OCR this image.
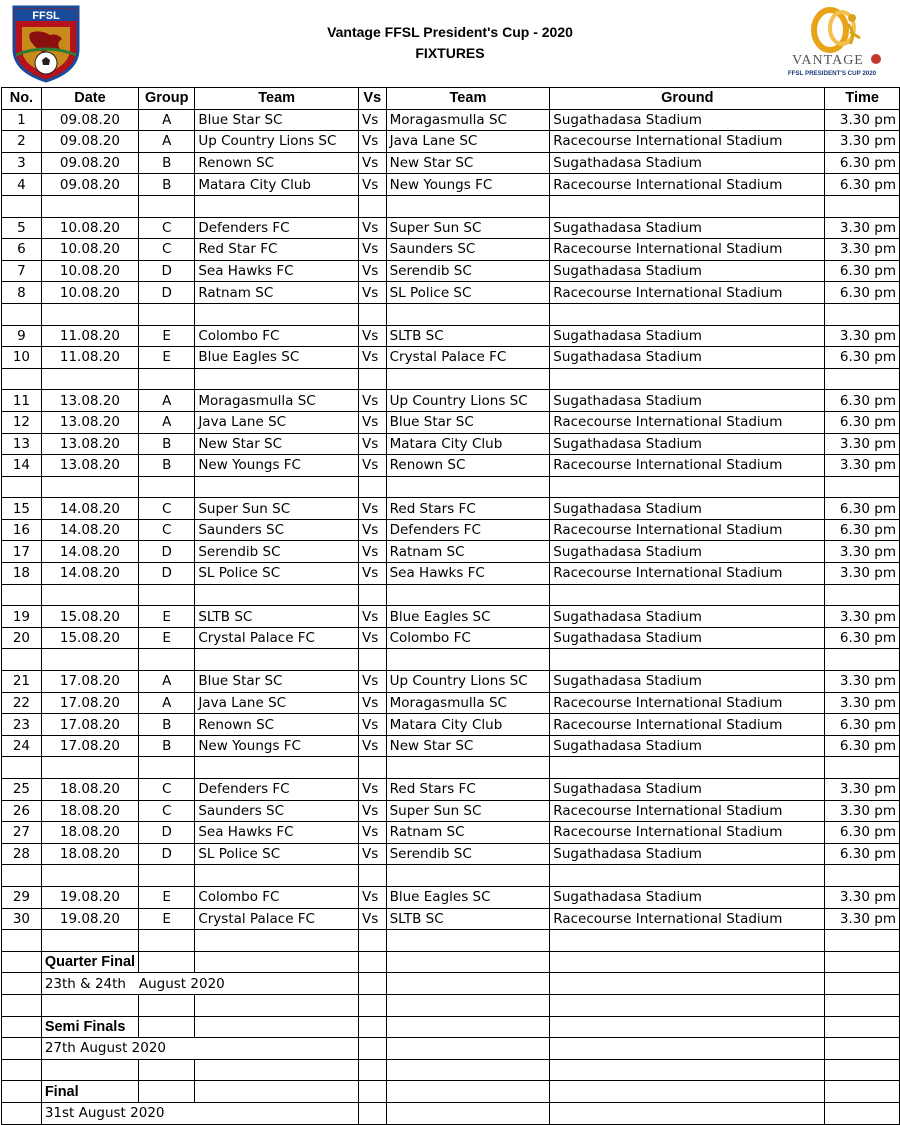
FFSL
Vantage FFSL President's Cup - 2020
FIXTURES	VANTAGE
FFSL PRESIDENT'S CUP 2020
No.	Date	Group	Team	Vs	Team	Ground	Time
1	09.08.20	A	Blue Star SC	Vs	Moragasmulla SC	Sugathadasa Stadium	3.30 pm
2	09.08.20	A	Up Country Lions SC	Vs	Java Lane SC	Racecourse International Stadium	3.30 pm
3	09.08.20	B	Renown SC	Vs	New Star SC	Sugathadasa Stadium	6.30 pm
4	09.08.20	B	Matara City Club	Vs	New Youngs FC	Racecourse International Stadium	6.30 pm

5	10.08.20	C	Defenders FC	Vs	Super Sun SC	Sugathadasa Stadium	3.30 pm
6	10.08.20	C	Red Star FC	Vs	Saunders SC	Racecourse International Stadium	3.30 pm
7	10.08.20	D	Sea Hawks FC	Vs	Serendib SC	Sugathadasa Stadium	6.30 pm
8	10.08.20	D	Ratnam SC	Vs	SL Police SC	Racecourse International Stadium	6.30 pm

9	11.08.20	E	Colombo FC	Vs	SLTB SC	Sugathadasa Stadium	3.30 pm
10	11.08.20	E	Blue Eagles SC	Vs	Crystal Palace FC	Sugathadasa Stadium	6.30 pm

11	13.08.20	A	Moragasmulla SC	Vs	Up Country Lions SC	Sugathadasa Stadium	6.30 pm
12	13.08.20	A	Java Lane SC	Vs	Blue Star SC	Racecourse International Stadium	6.30 pm
13	13.08.20	B	New Star SC	Vs	Matara City Club	Sugathadasa Stadium	3.30 pm
14	13.08.20	B	New Youngs FC	Vs	Renown SC	Racecourse International Stadium	3.30 pm

15	14.08.20	C	Super Sun SC	Vs	Red Stars FC	Sugathadasa Stadium	6.30 pm
16	14.08.20	C	Saunders SC	Vs	Defenders FC	Racecourse International Stadium	6.30 pm
17	14.08.20	D	Serendib SC	Vs	Ratnam SC	Sugathadasa Stadium	3.30 pm
18	14.08.20	D	SL Police SC	Vs	Sea Hawks FC	Racecourse International Stadium	3.30 pm

19	15.08.20	E	SLTB SC	Vs	Blue Eagles SC	Sugathadasa Stadium	3.30 pm
20	15.08.20	E	Crystal Palace FC	Vs	Colombo FC	Sugathadasa Stadium	6.30 pm

21	17.08.20	A	Blue Star SC	Vs	Up Country Lions SC	Sugathadasa Stadium	3.30 pm
22	17.08.20	A	Java Lane SC	Vs	Moragasmulla SC	Racecourse International Stadium	3.30 pm
23	17.08.20	B	Renown SC	Vs	Matara City Club	Racecourse International Stadium	6.30 pm
24	17.08.20	B	New Youngs FC	Vs	New Star SC	Sugathadasa Stadium	6.30 pm

25	18.08.20	C	Defenders FC	Vs	Red Stars FC	Sugathadasa Stadium	3.30 pm
26	18.08.20	C	Saunders SC	Vs	Super Sun SC	Racecourse International Stadium	3.30 pm
27	18.08.20	D	Sea Hawks FC	Vs	Ratnam SC	Racecourse International Stadium	6.30 pm
28	18.08.20	D	SL Police SC	Vs	Serendib SC	Sugathadasa Stadium	6.30 pm

29	19.08.20	E	Colombo FC	Vs	Blue Eagles SC	Sugathadasa Stadium	3.30 pm
30	19.08.20	E	Crystal Palace FC	Vs	SLTB SC	Racecourse International Stadium	3.30 pm

	Quarter Final						
	23th & 24th   August 2020						

	Semi Finals						
	27th August 2020						

	Final						
	31st August 2020						
